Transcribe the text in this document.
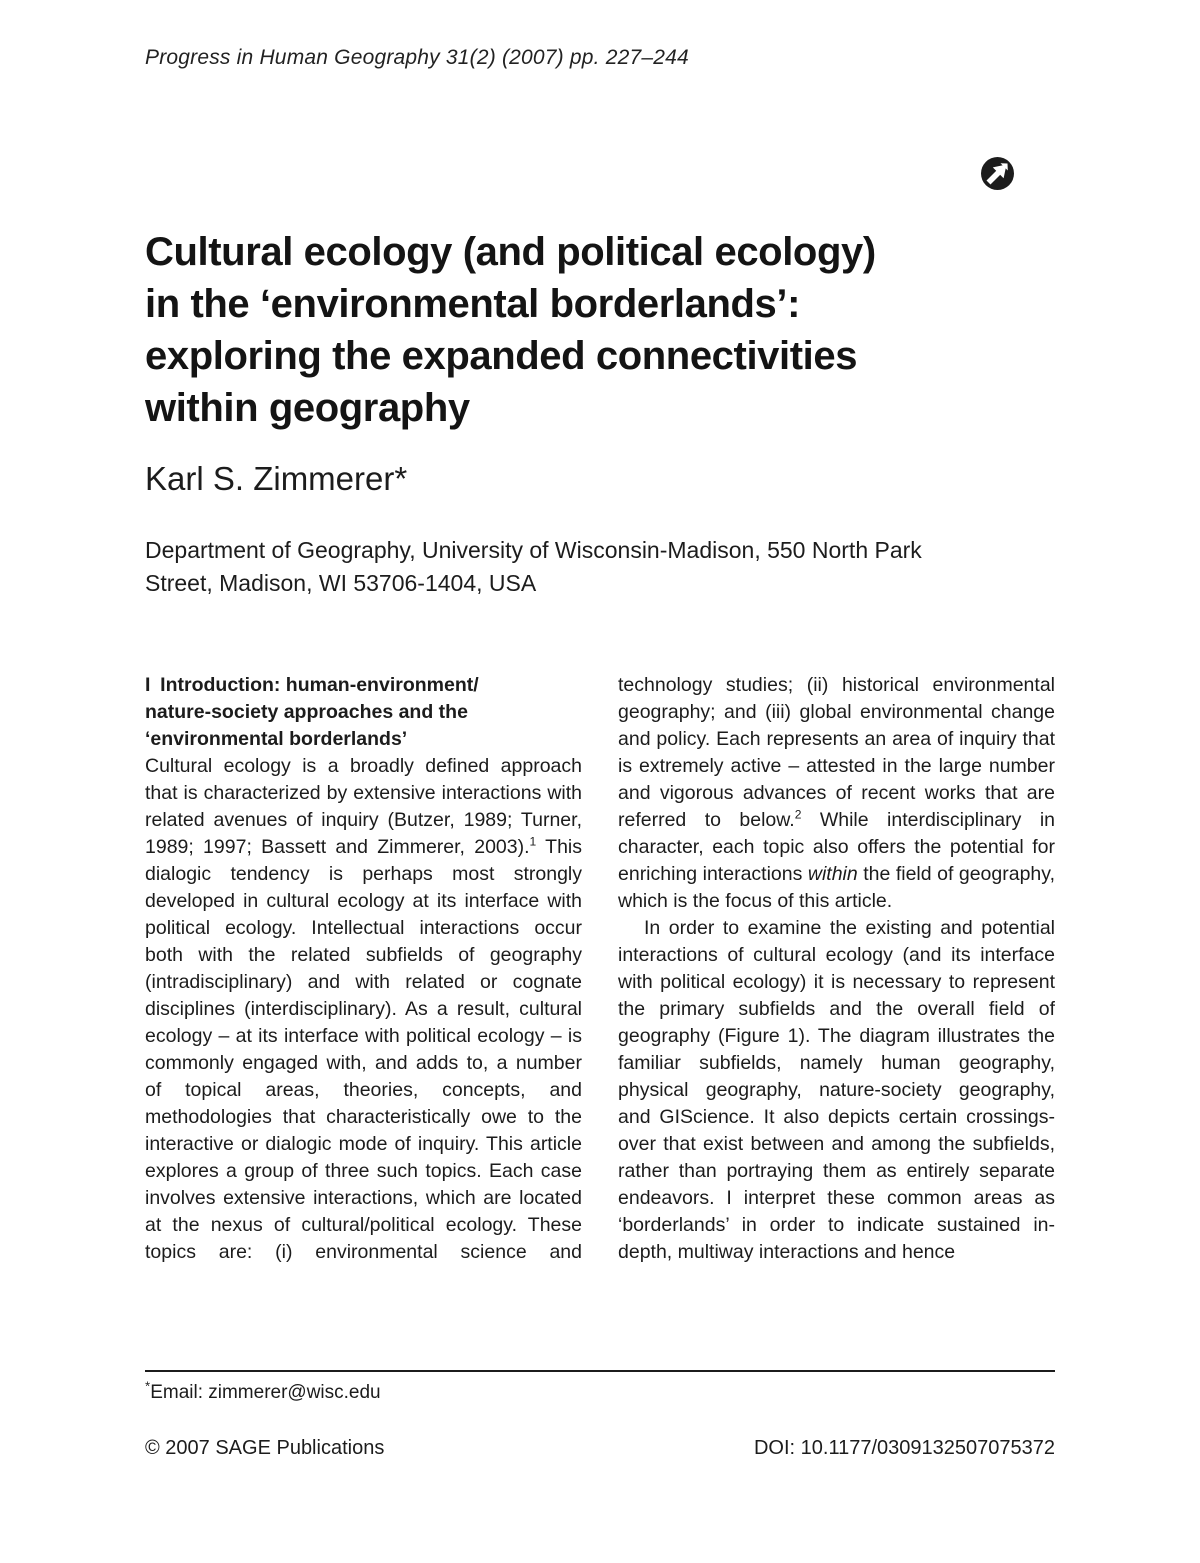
Progress in Human Geography 31(2) (2007) pp. 227–244
Cultural ecology (and political ecology)
in the ‘environmental borderlands’:
exploring the expanded connectivities
within geography
Karl S. Zimmerer*
Department of Geography, University of Wisconsin-Madison, 550 North Park
Street, Madison, WI 53706-1404, USA
I Introduction: human-environment/
nature-society approaches and the
‘environmental borderlands’

Cultural ecology is a broadly defined approach that is characterized by extensive interactions with related avenues of inquiry (Butzer, 1989; Turner, 1989; 1997; Bassett and Zimmerer, 2003).$^1$ This dialogic tendency is perhaps most strongly developed in cultural ecology at its interface with political ecology. Intellectual interactions occur both with the related subfields of geography (intradisciplinary) and with related or cognate disciplines (interdisciplinary). As a result, cultural ecology – at its interface with political ecology – is commonly engaged with, and adds to, a number of topical areas, theories, concepts, and methodologies that characteristically owe to the interactive or dialogic mode of inquiry. This article explores a group of three such topics. Each case involves extensive interactions, which are located at the nexus of cultural/political ecology. These topics are: (i) environmental science and technology studies; (ii) historical environmental geography; and (iii) global environmental change and policy. Each represents an area of inquiry that is extremely active – attested in the large number and vigorous advances of recent works that are referred to below.$^2$ While interdisciplinary in character, each topic also offers the potential for enriching interactions within the field of geography, which is the focus of this article.

In order to examine the existing and potential interactions of cultural ecology (and its interface with political ecology) it is necessary to represent the primary subfields and the overall field of geography (Figure 1). The diagram illustrates the familiar subfields, namely human geography, physical geography, nature-society geography, and GIScience. It also depicts certain crossings-over that exist between and among the subfields, rather than portraying them as entirely separate endeavors. I interpret these common areas as ‘borderlands’ in order to indicate sustained in-depth, multiway interactions and hence

*Email: zimmerer@wisc.edu
© 2007 SAGE Publications	DOI: 10.1177/0309132507075372
